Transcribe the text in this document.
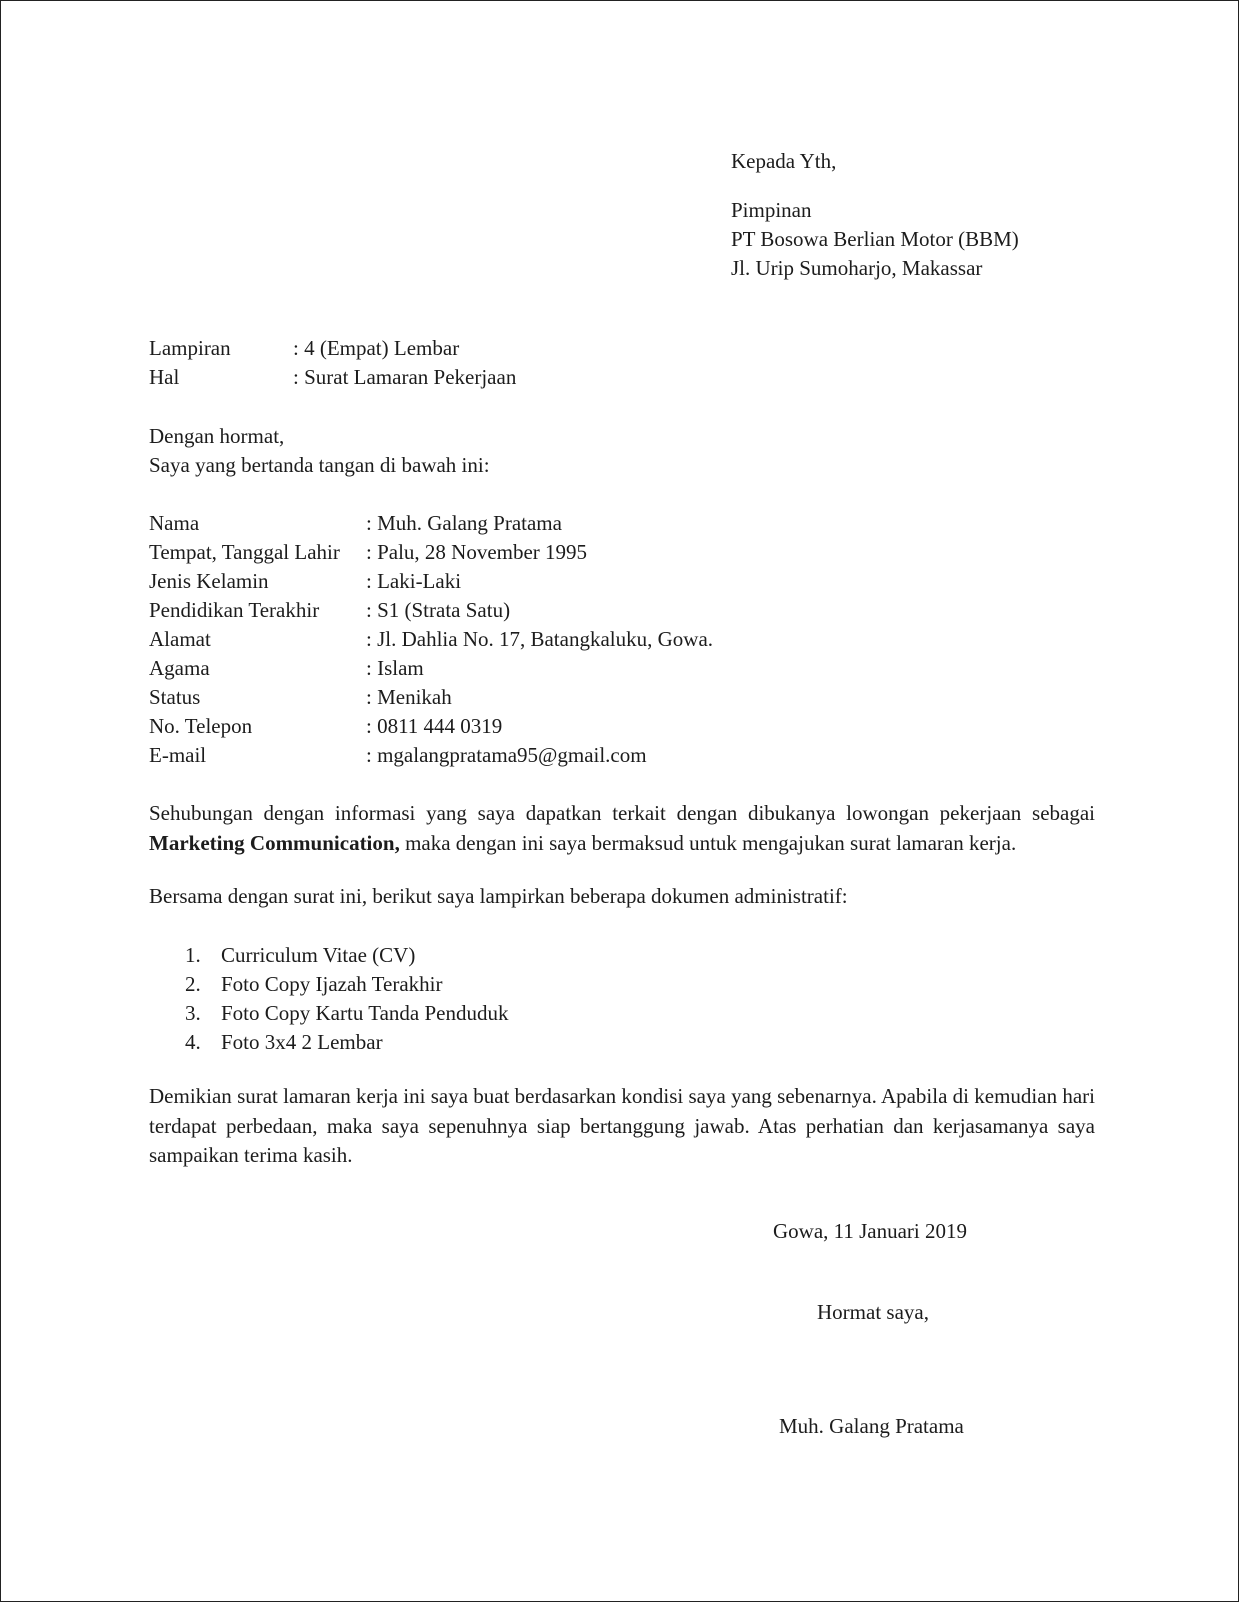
Kepada Yth,
Pimpinan
PT Bosowa Berlian Motor (BBM)
Jl. Urip Sumoharjo, Makassar
Lampiran	: 4 (Empat) Lembar
Hal	: Surat Lamaran Pekerjaan
Dengan hormat,
Saya yang bertanda tangan di bawah ini:
Nama	: Muh. Galang Pratama
Tempat, Tanggal Lahir : Palu, 28 November 1995
Jenis Kelamin	: Laki-Laki
Pendidikan Terakhir : S1 (Strata Satu)
Alamat	: Jl. Dahlia No. 17, Batangkaluku, Gowa.
Agama	: Islam
Status	: Menikah
No. Telepon	: 0811 444 0319
E-mail	: mgalangpratama95@gmail.com
Sehubungan dengan informasi yang saya dapatkan terkait dengan dibukanya lowongan pekerjaan sebagai Marketing Communication, maka dengan ini saya bermaksud untuk mengajukan surat lamaran kerja.
Bersama dengan surat ini, berikut saya lampirkan beberapa dokumen administratif:
1. Curriculum Vitae (CV)
2. Foto Copy Ijazah Terakhir
3. Foto Copy Kartu Tanda Penduduk
4. Foto 3x4 2 Lembar
Demikian surat lamaran kerja ini saya buat berdasarkan kondisi saya yang sebenarnya. Apabila di kemudian hari terdapat perbedaan, maka saya sepenuhnya siap bertanggung jawab. Atas perhatian dan kerjasamanya saya sampaikan terima kasih.
Gowa, 11 Januari 2019
Hormat saya,
Muh. Galang Pratama
